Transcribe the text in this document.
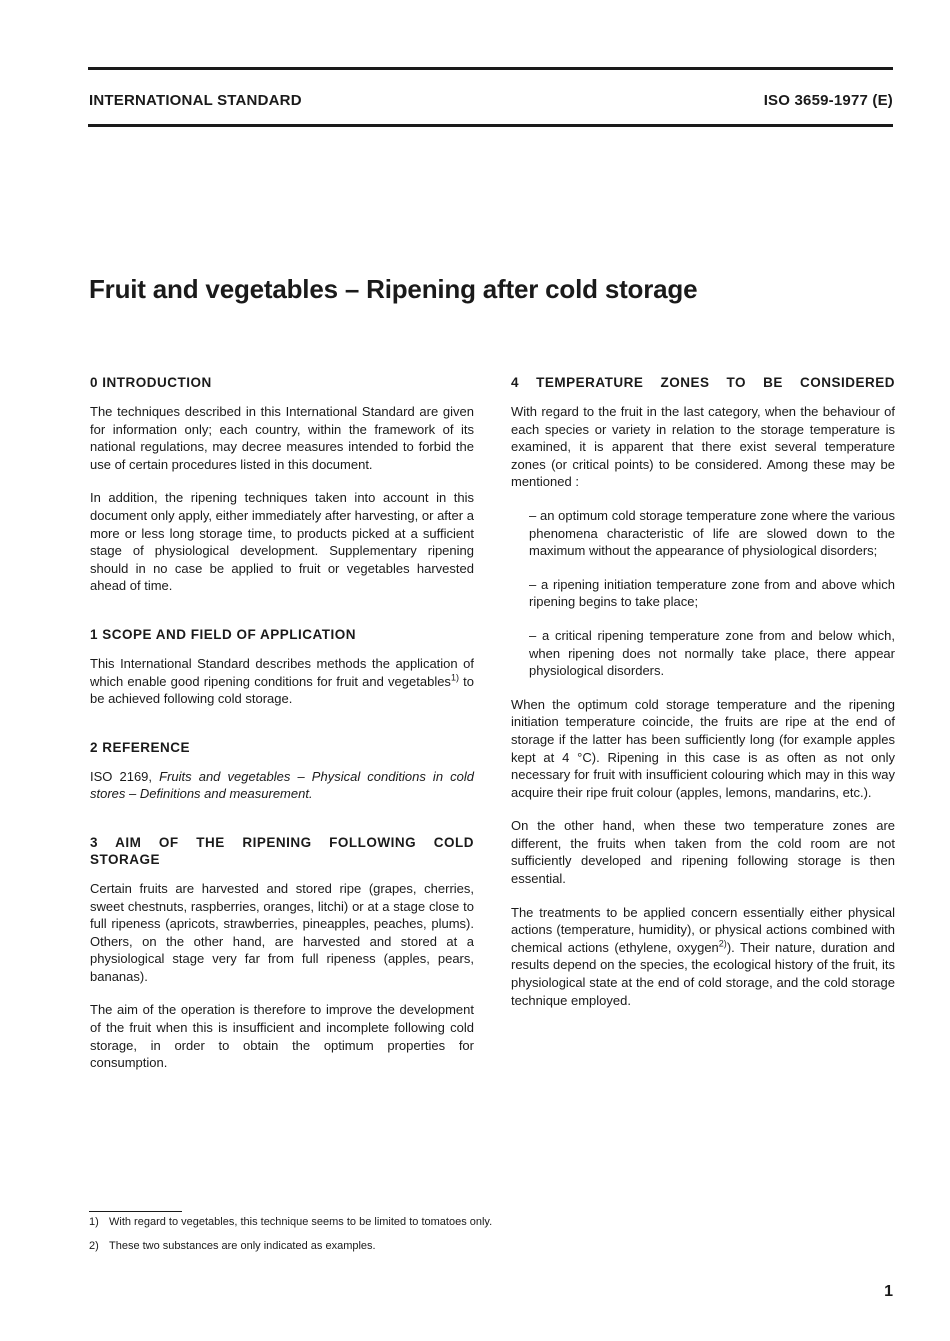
INTERNATIONAL STANDARD	ISO 3659-1977 (E)
Fruit and vegetables – Ripening after cold storage
0 INTRODUCTION

The techniques described in this International Standard are given for information only; each country, within the framework of its national regulations, may decree measures intended to forbid the use of certain procedures listed in this document.

In addition, the ripening techniques taken into account in this document only apply, either immediately after harvesting, or after a more or less long storage time, to products picked at a sufficient stage of physiological development. Supplementary ripening should in no case be applied to fruit or vegetables harvested ahead of time.

1 SCOPE AND FIELD OF APPLICATION

This International Standard describes methods the application of which enable good ripening conditions for fruit and vegetables$^{1)}$ to be achieved following cold storage.

2 REFERENCE

ISO 2169, Fruits and vegetables – Physical conditions in cold stores – Definitions and measurement.

3 AIM OF THE RIPENING FOLLOWING COLD
STORAGE

Certain fruits are harvested and stored ripe (grapes, cherries, sweet chestnuts, raspberries, oranges, litchi) or at a stage close to full ripeness (apricots, strawberries, pineapples, peaches, plums). Others, on the other hand, are harvested and stored at a physiological stage very far from full ripeness (apples, pears, bananas).

The aim of the operation is therefore to improve the development of the fruit when this is insufficient and incomplete following cold storage, in order to obtain the optimum properties for consumption.

4 TEMPERATURE ZONES TO BE CONSIDERED

With regard to the fruit in the last category, when the behaviour of each species or variety in relation to the storage temperature is examined, it is apparent that there exist several temperature zones (or critical points) to be considered. Among these may be mentioned :

– an optimum cold storage temperature zone where the various phenomena characteristic of life are slowed down to the maximum without the appearance of physiological disorders;
– a ripening initiation temperature zone from and above which ripening begins to take place;
– a critical ripening temperature zone from and below which, when ripening does not normally take place, there appear physiological disorders.

When the optimum cold storage temperature and the ripening initiation temperature coincide, the fruits are ripe at the end of storage if the latter has been sufficiently long (for example apples kept at 4 °C). Ripening in this case is as often as not only necessary for fruit with insufficient colouring which may in this way acquire their ripe fruit colour (apples, lemons, mandarins, etc.).

On the other hand, when these two temperature zones are different, the fruits when taken from the cold room are not sufficiently developed and ripening following storage is then essential.

The treatments to be applied concern essentially either physical actions (temperature, humidity), or physical actions combined with chemical actions (ethylene, oxygen$^{2)}$). Their nature, duration and results depend on the species, the ecological history of the fruit, its physiological state at the end of cold storage, and the cold storage technique employed.

1) With regard to vegetables, this technique seems to be limited to tomatoes only.
2) These two substances are only indicated as examples.
1
